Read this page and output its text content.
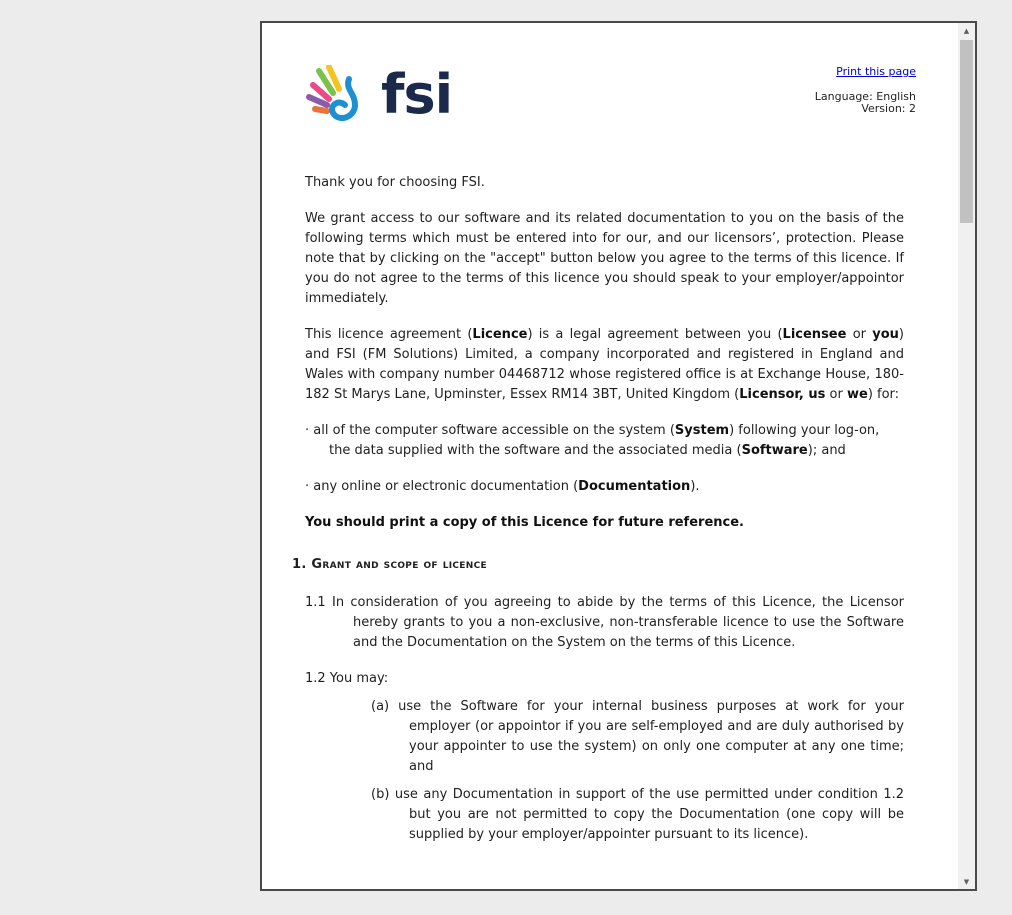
fsi	Print this page
Language: English
Version: 2

Thank you for choosing FSI.

We grant access to our software and its related documentation to you on the basis of the following terms which must be entered into for our, and our licensors’, protection. Please note that by clicking on the "accept" button below you agree to the terms of this licence. If you do not agree to the terms of this licence you should speak to your employer/appointor immediately.

This licence agreement (Licence) is a legal agreement between you (Licensee or you) and FSI (FM Solutions) Limited, a company incorporated and registered in England and Wales with company number 04468712 whose registered office is at Exchange House, 180-182 St Marys Lane, Upminster, Essex RM14 3BT, United Kingdom (Licensor, us or we) for:

· all of the computer software accessible on the system (System) following your log-on, the data supplied with the software and the associated media (Software); and

· any online or electronic documentation (Documentation).

You should print a copy of this Licence for future reference.

1. Grant and scope of licence

1.1 In consideration of you agreeing to abide by the terms of this Licence, the Licensor hereby grants to you a non-exclusive, non-transferable licence to use the Software and the Documentation on the System on the terms of this Licence.

1.2 You may:

(a) use the Software for your internal business purposes at work for your employer (or appointor if you are self-employed and are duly authorised by your appointer to use the system) on only one computer at any one time; and

(b) use any Documentation in support of the use permitted under condition 1.2 but you are not permitted to copy the Documentation (one copy will be supplied by your employer/appointer pursuant to its licence).

▲
▼
